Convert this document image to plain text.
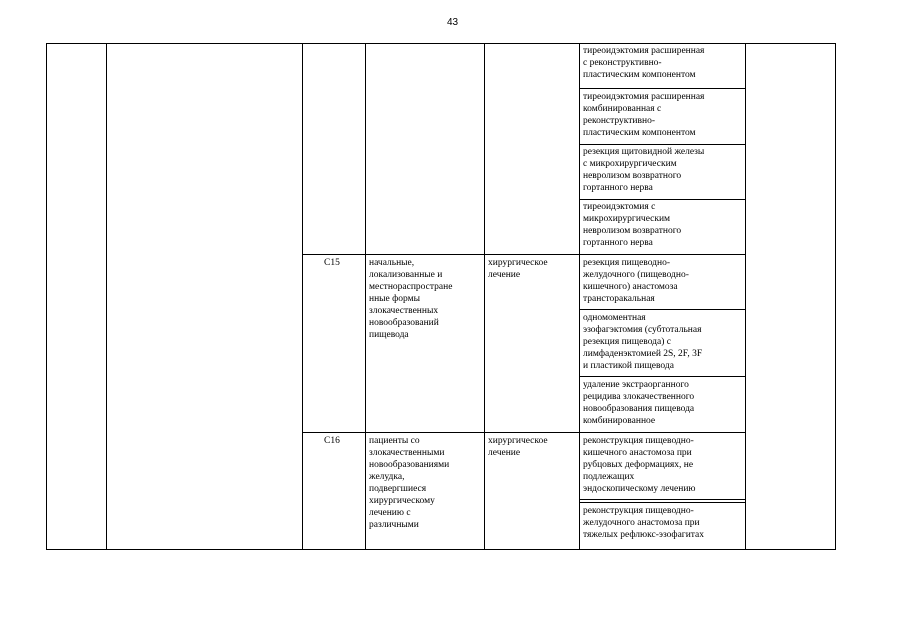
43
тиреоидэктомия расширенная
с реконструктивно-
пластическим компонентом
тиреоидэктомия расширенная
комбинированная с
реконструктивно-
пластическим компонентом
резекция щитовидной железы
с микрохирургическим
невролизом возвратного
гортанного нерва
тиреоидэктомия с
микрохирургическим
невролизом возвратного
гортанного нерва
C15	начальные,
локализованные и
местнораспростране
нные формы
злокачественных
новообразований
пищевода
хирургическое
лечение
резекция пищеводно-
желудочного (пищеводно-
кишечного) анастомоза
трансторакальная
одномоментная
эзофагэктомия (субтотальная
резекция пищевода) с
лимфаденэктомией 2S, 2F, 3F
и пластикой пищевода
удаление экстраорганного
рецидива злокачественного
новообразования пищевода
комбинированное
C16	пациенты со
злокачественными
новообразованиями
желудка,
подвергшиеся
хирургическому
лечению с
различными
хирургическое
лечение
реконструкция пищеводно-
кишечного анастомоза при
рубцовых деформациях, не
подлежащих
эндоскопическому лечению
реконструкция пищеводно-
желудочного анастомоза при
тяжелых рефлюкс-эзофагитах
